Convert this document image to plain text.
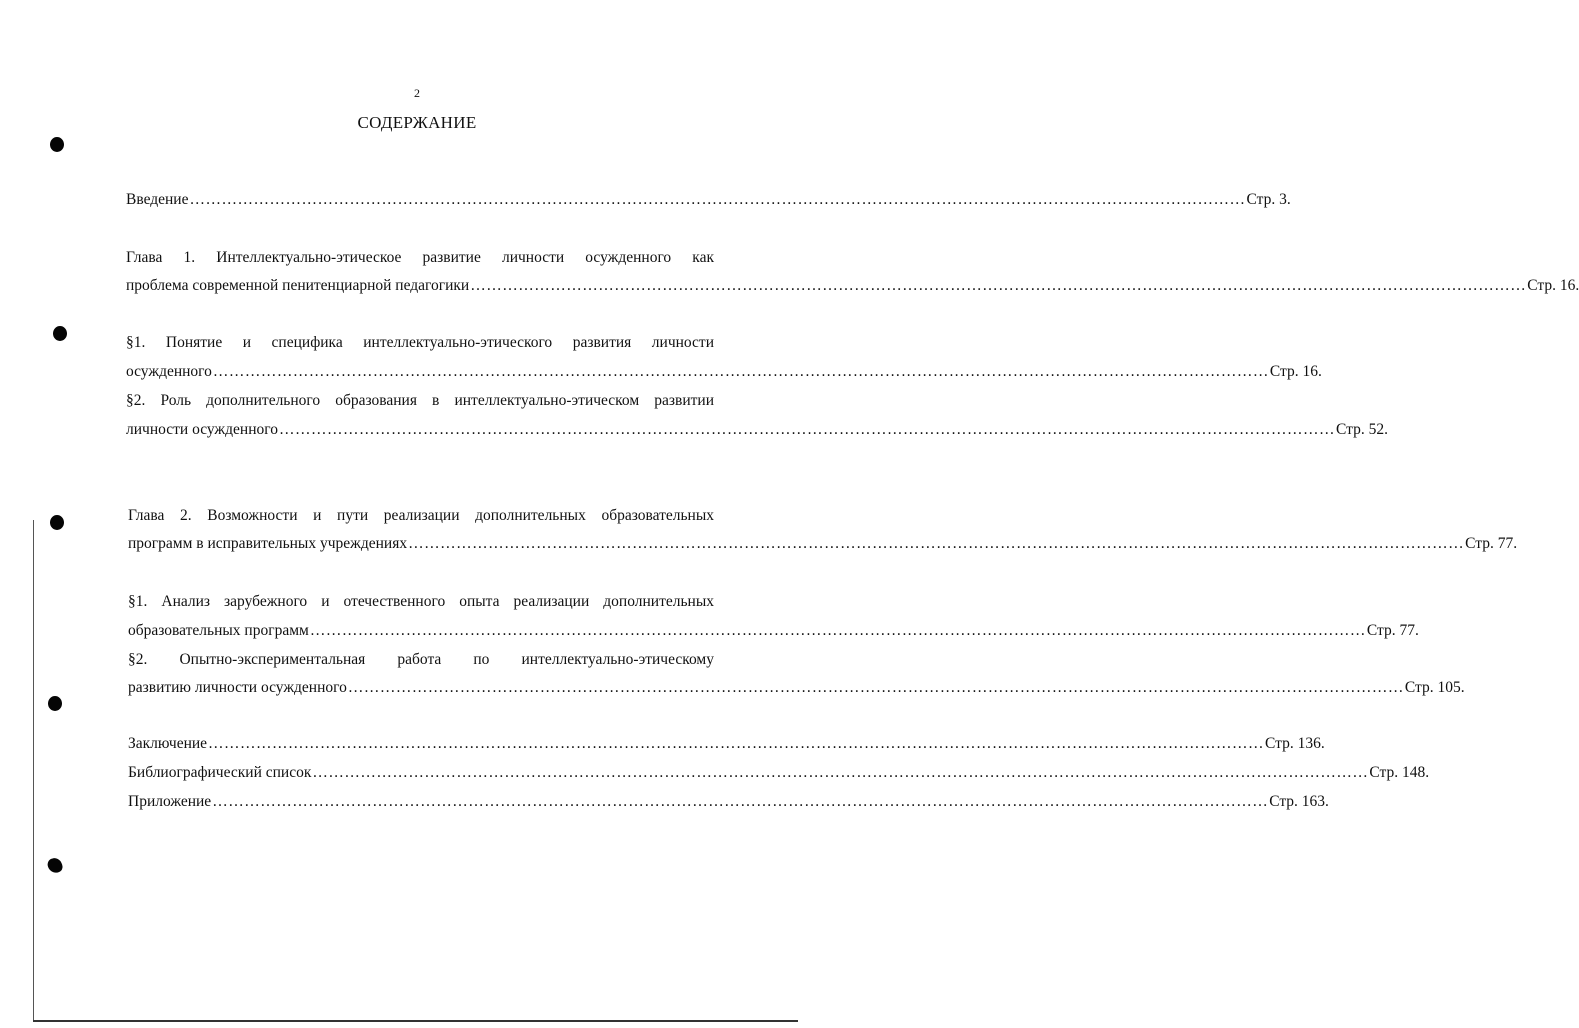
2
СОДЕРЖАНИЕ
Введение ……………………………………………………………………………………………………………………………………………………………………………… Стр. 3.
Глава 1. Интеллектуально-этическое развитие личности осужденного как
проблема современной пенитенциарной педагогики ……………………………………………………………………………………………………………………………………………………………………………… Стр. 16.
§1. Понятие и специфика интеллектуально-этического развития личности
осужденного ……………………………………………………………………………………………………………………………………………………………………………… Стр. 16.
§2. Роль дополнительного образования в интеллектуально-этическом развитии
личности осужденного ……………………………………………………………………………………………………………………………………………………………………………… Стр. 52.
Глава 2. Возможности и пути реализации дополнительных образовательных
программ в исправительных учреждениях ……………………………………………………………………………………………………………………………………………………………………………… Стр. 77.
§1. Анализ зарубежного и отечественного опыта реализации дополнительных
образовательных программ ……………………………………………………………………………………………………………………………………………………………………………… Стр. 77.
§2. Опытно-экспериментальная работа по интеллектуально-этическому
развитию личности осужденного ……………………………………………………………………………………………………………………………………………………………………………… Стр. 105.
Заключение ……………………………………………………………………………………………………………………………………………………………………………… Стр. 136.
Библиографический список ……………………………………………………………………………………………………………………………………………………………………………… Стр. 148.
Приложение ……………………………………………………………………………………………………………………………………………………………………………… Стр. 163.
